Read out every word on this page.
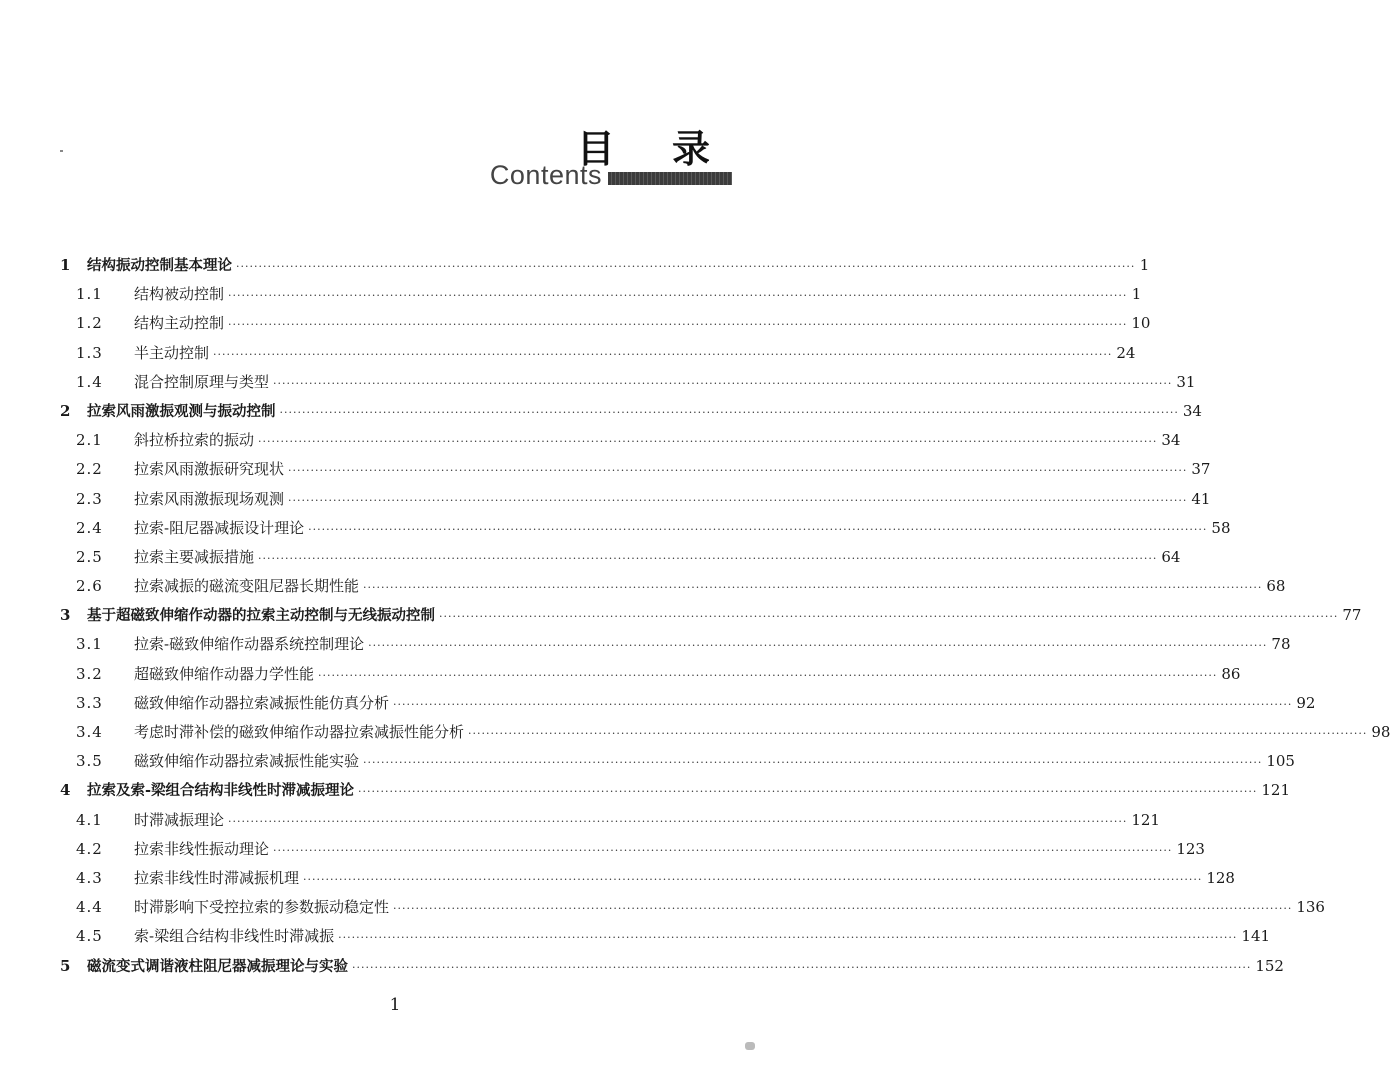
目 录
Contents
1	结构振动控制基本理论 ········································································································································································································ 1
1.1	结构被动控制 ········································································································································································································ 1
1.2	结构主动控制 ········································································································································································································ 10
1.3	半主动控制 ········································································································································································································ 24
1.4	混合控制原理与类型 ········································································································································································································ 31
2	拉索风雨激振观测与振动控制 ········································································································································································································ 34
2.1	斜拉桥拉索的振动 ········································································································································································································ 34
2.2	拉索风雨激振研究现状 ········································································································································································································ 37
2.3	拉索风雨激振现场观测 ········································································································································································································ 41
2.4	拉索-阻尼器减振设计理论 ········································································································································································································ 58
2.5	拉索主要减振措施 ········································································································································································································ 64
2.6	拉索减振的磁流变阻尼器长期性能 ········································································································································································································ 68
3	基于超磁致伸缩作动器的拉索主动控制与无线振动控制 ········································································································································································································ 77
3.1	拉索-磁致伸缩作动器系统控制理论 ········································································································································································································ 78
3.2	超磁致伸缩作动器力学性能 ········································································································································································································ 86
3.3	磁致伸缩作动器拉索减振性能仿真分析 ········································································································································································································ 92
3.4	考虑时滞补偿的磁致伸缩作动器拉索减振性能分析 ········································································································································································································ 98
3.5	磁致伸缩作动器拉索减振性能实验 ········································································································································································································ 105
4	拉索及索-梁组合结构非线性时滞减振理论 ········································································································································································································ 121
4.1	时滞减振理论 ········································································································································································································ 121
4.2	拉索非线性振动理论 ········································································································································································································ 123
4.3	拉索非线性时滞减振机理 ········································································································································································································ 128
4.4	时滞影响下受控拉索的参数振动稳定性 ········································································································································································································ 136
4.5	索-梁组合结构非线性时滞减振 ········································································································································································································ 141
5	磁流变式调谐液柱阻尼器减振理论与实验 ········································································································································································································ 152
1
